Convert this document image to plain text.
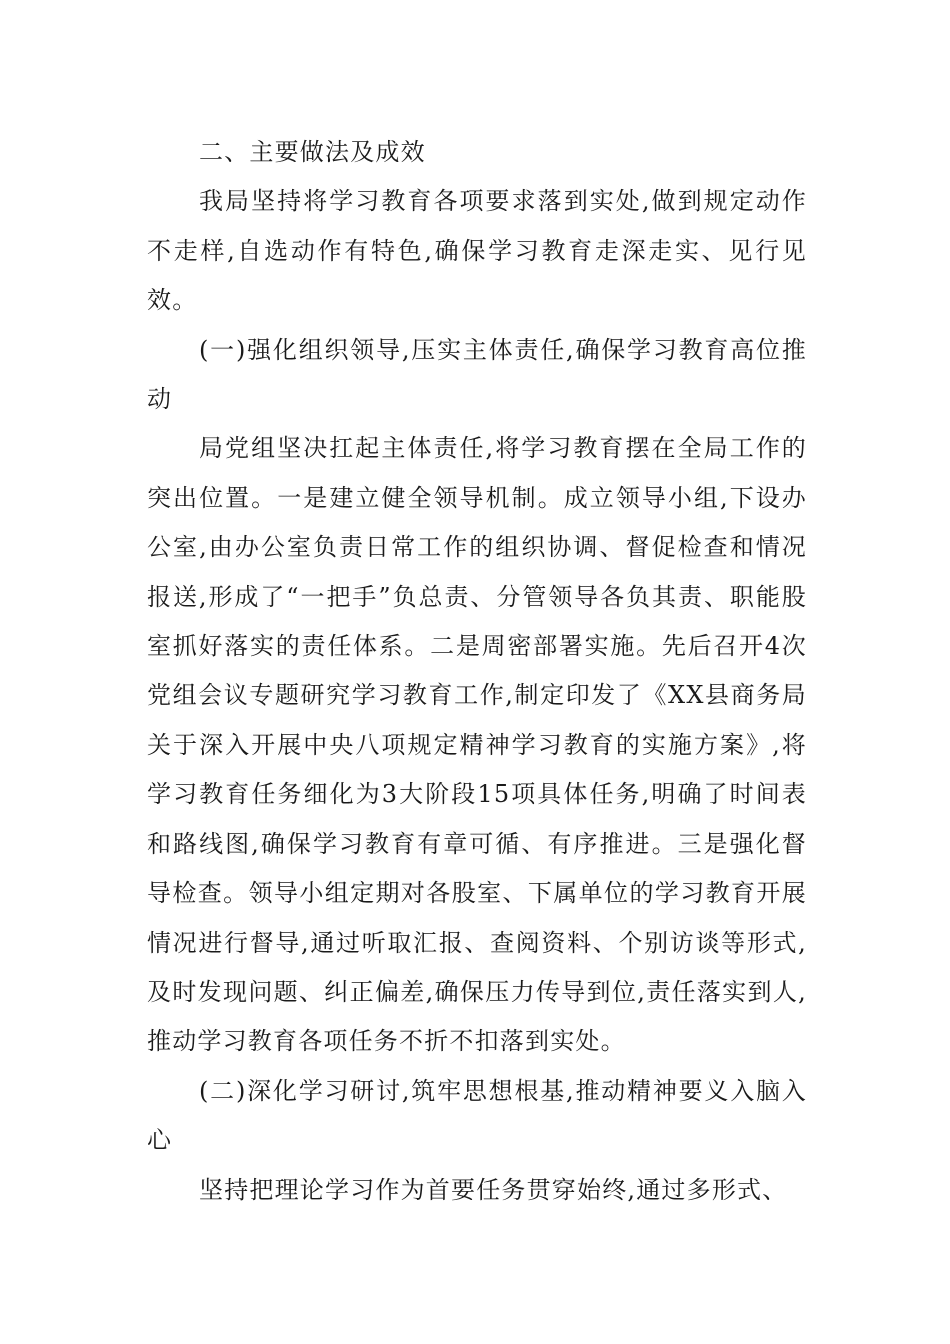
二、主要做法及成效

我局坚持将学习教育各项要求落到实处,做到规定动作不走样,自选动作有特色,确保学习教育走深走实、见行见效。

(一)强化组织领导,压实主体责任,确保学习教育高位推动

局党组坚决扛起主体责任,将学习教育摆在全局工作的突出位置。一是建立健全领导机制。成立领导小组,下设办公室,由办公室负责日常工作的组织协调、督促检查和情况报送,形成了“一把手”负总责、分管领导各负其责、职能股室抓好落实的责任体系。二是周密部署实施。先后召开4次党组会议专题研究学习教育工作,制定印发了《XX县商务局关于深入开展中央八项规定精神学习教育的实施方案》,将学习教育任务细化为3大阶段15项具体任务,明确了时间表和路线图,确保学习教育有章可循、有序推进。三是强化督导检查。领导小组定期对各股室、下属单位的学习教育开展情况进行督导,通过听取汇报、查阅资料、个别访谈等形式,及时发现问题、纠正偏差,确保压力传导到位,责任落实到人,推动学习教育各项任务不折不扣落到实处。

(二)深化学习研讨,筑牢思想根基,推动精神要义入脑入心

坚持把理论学习作为首要任务贯穿始终,通过多形式、
